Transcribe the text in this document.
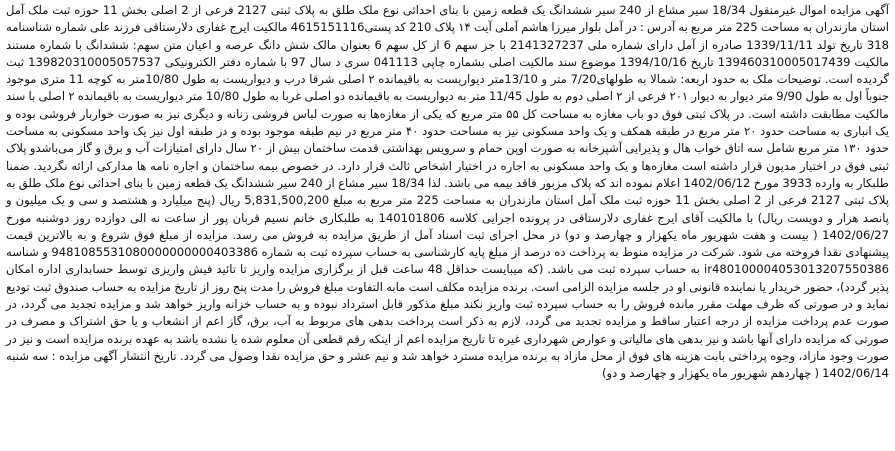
آگهی مزایده اموال غیرمنقول 18/34 سیر مشاع از 240 سیر ششدانگ یک قطعه زمین با بنای احداثی نوع ملک طلق به پلاک ثبتی 2127 فرعی از 2 اصلی بخش 11 حوزه ثبت ملک آمل استان مازندران به مساحت 225 متر مربع به آدرس : در آمل بلوار میرزا هاشم آملی آیت ۱۴ پلاک 210 کد پستی4615151116 مالکیت ایرج غفاری دلارستاقی فرزند علی شماره شناسنامه 318 تاریخ تولد 1339/11/11 صادره از آمل دارای شماره ملی 2141327237 با جز سهم 6 از کل سهم 6 بعنوان مالک شش دانگ عرصه و اعیان متن سهم: ششدانگ با شماره مستند مالکیت 139460310005017439 تاریخ 1394/10/16 موضوع سند مالکیت اصلی بشماره چاپی 041113 سری د سال 97 با شماره دفتر الکترونیکی 139820310005057537 ثبت گردیده است. توضیحات ملک به حدود اربعه: شمالا به طولهای7/20 متر و 13/10متر دیواریست به باقیمانده ۲ اصلی شرقا درب و دیواریست به طول 10/80متر به کوچه 11 متری موجود جنوباً اول به طول 9/90 متر دیوار به دیوار ۲۰۱ فرعی از ۲ اصلی دوم به طول 11/45 متر به دیواریست به باقیمانده دو اصلی غربا به طول 10/80 متر دیواریست به باقیمانده ۲ اصلی با سند مالکیت مطابقت داشته است. در پلاک ثبتی فوق دو باب مغازه به مساحت کل ۵۵ متر مربع که یکی از مغازه‌ها به صورت لباس فروشی زنانه و دیگری نیز به صورت خواربار فروشی بوده و یک انباری به مساحت حدود ۲۰ متر مربع در طبقه همکف و یک واحد مسکونی نیز به مساحت حدود ۴۰ متر مربع در نیم طبقه موجود بوده و در طبقه اول نیز یک واحد مسکونی به مساحت حدود ۱۳۰ متر مربع شامل سه اتاق خواب هال و پذیرایی آشپزخانه به صورت اوپن حمام و سرویس بهداشتی قدمت ساختمان بیش از ۲۰ سال دارای امتیازات آب و برق و گاز می‌باشدو پلاک ثبتی فوق در اختیار مدیون قرار داشته است مغازه‌ها و یک واحد مسکونی به اجاره در اختیار اشخاص ثالث قرار دارد. در خصوص بیمه ساختمان و اجاره نامه ها مدارکی ارائه نگردید. ضمنا طلبکار به وارده 3933 مورخ 1402/06/12 اعلام نموده اند که پلاک مزبور فاقد بیمه می باشد. لذا 18/34 سیر مشاع از 240 سیر ششدانگ یک قطعه زمین با بنای احداثی نوع ملک طلق به پلاک ثبتی 2127 فرعی از 2 اصلی بخش 11 حوزه ثبت ملک آمل استان مازندران به مساحت 225 متر مربع به مبلغ 5,831,500,200 ریال (پنج میلیارد و هشتصد و سی و یک میلیون و پانصد هزار و دویست ریال) با مالکیت آقای ایرج غفاری دلارستاقی در پرونده اجرایی کلاسه 140101806 به طلبکاری خانم نسیم قربان پور از ساعت نه الی دوازده روز دوشنبه مورخ 1402/06/27 ( بیست و هفت شهریور ماه یکهزار و چهارصد و دو) در محل اجرای ثبت اسناد آمل از طریق مزایده به فروش می رسد. مزایده از مبلغ فوق شروع و به بالاترین قیمت پیشنهادی نقدا فروخته می شود. شرکت در مزایده منوط به پرداخت ده درصد از مبلغ پایه کارشناسی به حساب سپرده ثبت به شماره 9481085531080000000000403386 و شناسه ir480100004053013207550386 به حساب سپرده ثبت می باشد. (که میبایست حداقل 48 ساعت قبل از برگزاری مزایده واریز تا تائید فیش واریزی توسط حسابداری اداره امکان پذیر گردد)، حضور خریدار یا نماینده قانونی او در جلسه مزایده الزامی است. برنده مزایده مکلف است مابه التفاوت مبلغ فروش را مدت پنج روز از تاریخ مزایده به حساب صندوق ثبت تودیع نماید و در صورتی که ظرف مهلت مقرر مانده فروش را به حساب سپرده ثبت واریز نکند مبلغ مذکور قابل استرداد نبوده و به حساب خزانه واریز خواهد شد و مزایده تجدید می گردد، در صورت عدم پرداخت مزایده از درجه اعتبار ساقط و مزایده تجدید می گردد، لازم به ذکر است پرداخت بدهی های مربوط به آب، برق، گاز اعم از انشعاب و یا حق اشتراک و مصرف در صورتی که مزایده دارای آنها باشد و نیز بدهی های مالیاتی و عوارض شهرداری غیره تا تاریخ مزایده اعم از اینکه رقم قطعی آن معلوم شده یا نشده باشد به عهده برنده مزایده است و نیز در صورت وجود مازاد، وجوه پرداختی بابت هزینه های فوق از محل مازاد به برنده مزایده مسترد خواهد شد و نیم عشر و حق مزایده نقدا وصول می گردد. تاریخ انتشار آگهی مزایده : سه شنبه 1402/06/14 ( چهاردهم شهریور ماه یکهزار و چهارصد و دو)
